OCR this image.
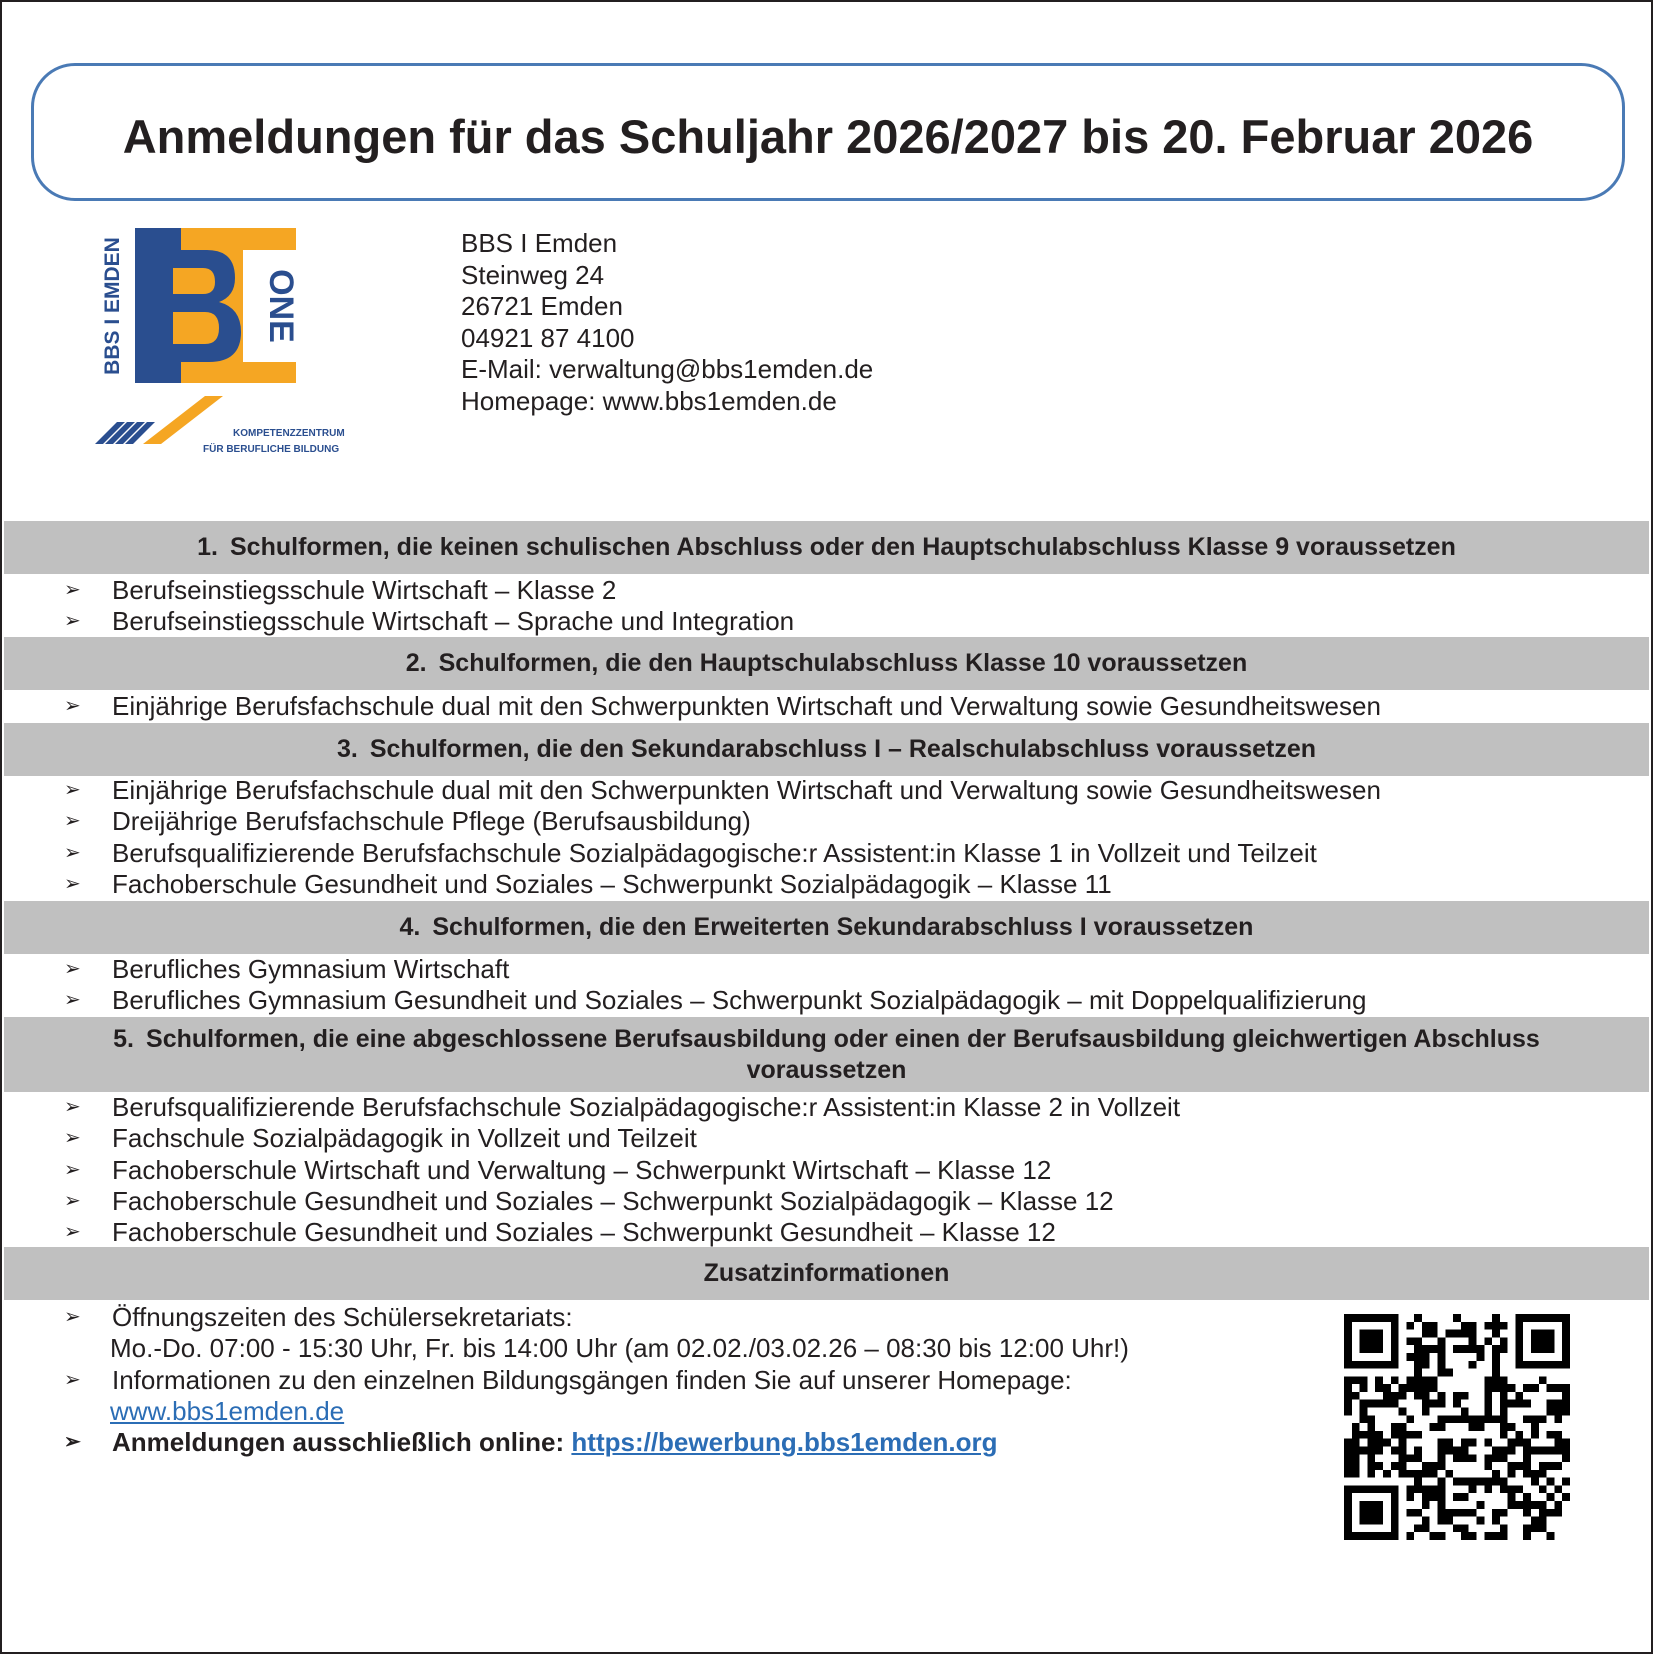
Anmeldungen für das Schuljahr 2026/2027 bis 20. Februar 2026
ONE
BBS I EMDEN
KOMPETENZZENTRUM
FÜR BERUFLICHE BILDUNG
BBS I Emden
Steinweg 24
26721 Emden
04921 87 4100
E-Mail: verwaltung@bbs1emden.de
Homepage: www.bbs1emden.de
1. Schulformen, die keinen schulischen Abschluss oder den Hauptschulabschluss Klasse 9 voraussetzen
➢ Berufseinstiegsschule Wirtschaft – Klasse 2
➢ Berufseinstiegsschule Wirtschaft – Sprache und Integration
2. Schulformen, die den Hauptschulabschluss Klasse 10 voraussetzen
➢ Einjährige Berufsfachschule dual mit den Schwerpunkten Wirtschaft und Verwaltung sowie Gesundheitswesen
3. Schulformen, die den Sekundarabschluss I – Realschulabschluss voraussetzen
➢ Einjährige Berufsfachschule dual mit den Schwerpunkten Wirtschaft und Verwaltung sowie Gesundheitswesen
➢ Dreijährige Berufsfachschule Pflege (Berufsausbildung)
➢ Berufsqualifizierende Berufsfachschule Sozialpädagogische:r Assistent:in Klasse 1 in Vollzeit und Teilzeit
➢ Fachoberschule Gesundheit und Soziales – Schwerpunkt Sozialpädagogik – Klasse 11
4. Schulformen, die den Erweiterten Sekundarabschluss I voraussetzen
➢ Berufliches Gymnasium Wirtschaft
➢ Berufliches Gymnasium Gesundheit und Soziales – Schwerpunkt Sozialpädagogik – mit Doppelqualifizierung
5. Schulformen, die eine abgeschlossene Berufsausbildung oder einen der Berufsausbildung gleichwertigen Abschluss
voraussetzen
➢ Berufsqualifizierende Berufsfachschule Sozialpädagogische:r Assistent:in Klasse 2 in Vollzeit
➢ Fachschule Sozialpädagogik in Vollzeit und Teilzeit
➢ Fachoberschule Wirtschaft und Verwaltung – Schwerpunkt Wirtschaft – Klasse 12
➢ Fachoberschule Gesundheit und Soziales – Schwerpunkt Sozialpädagogik – Klasse 12
➢ Fachoberschule Gesundheit und Soziales – Schwerpunkt Gesundheit – Klasse 12
Zusatzinformationen
➢ Öffnungszeiten des Schülersekretariats:
Mo.-Do. 07:00 - 15:30 Uhr, Fr. bis 14:00 Uhr (am 02.02./03.02.26 – 08:30 bis 12:00 Uhr!)
➢ Informationen zu den einzelnen Bildungsgängen finden Sie auf unserer Homepage:
www.bbs1emden.de
➢ Anmeldungen ausschließlich online: https://bewerbung.bbs1emden.org
